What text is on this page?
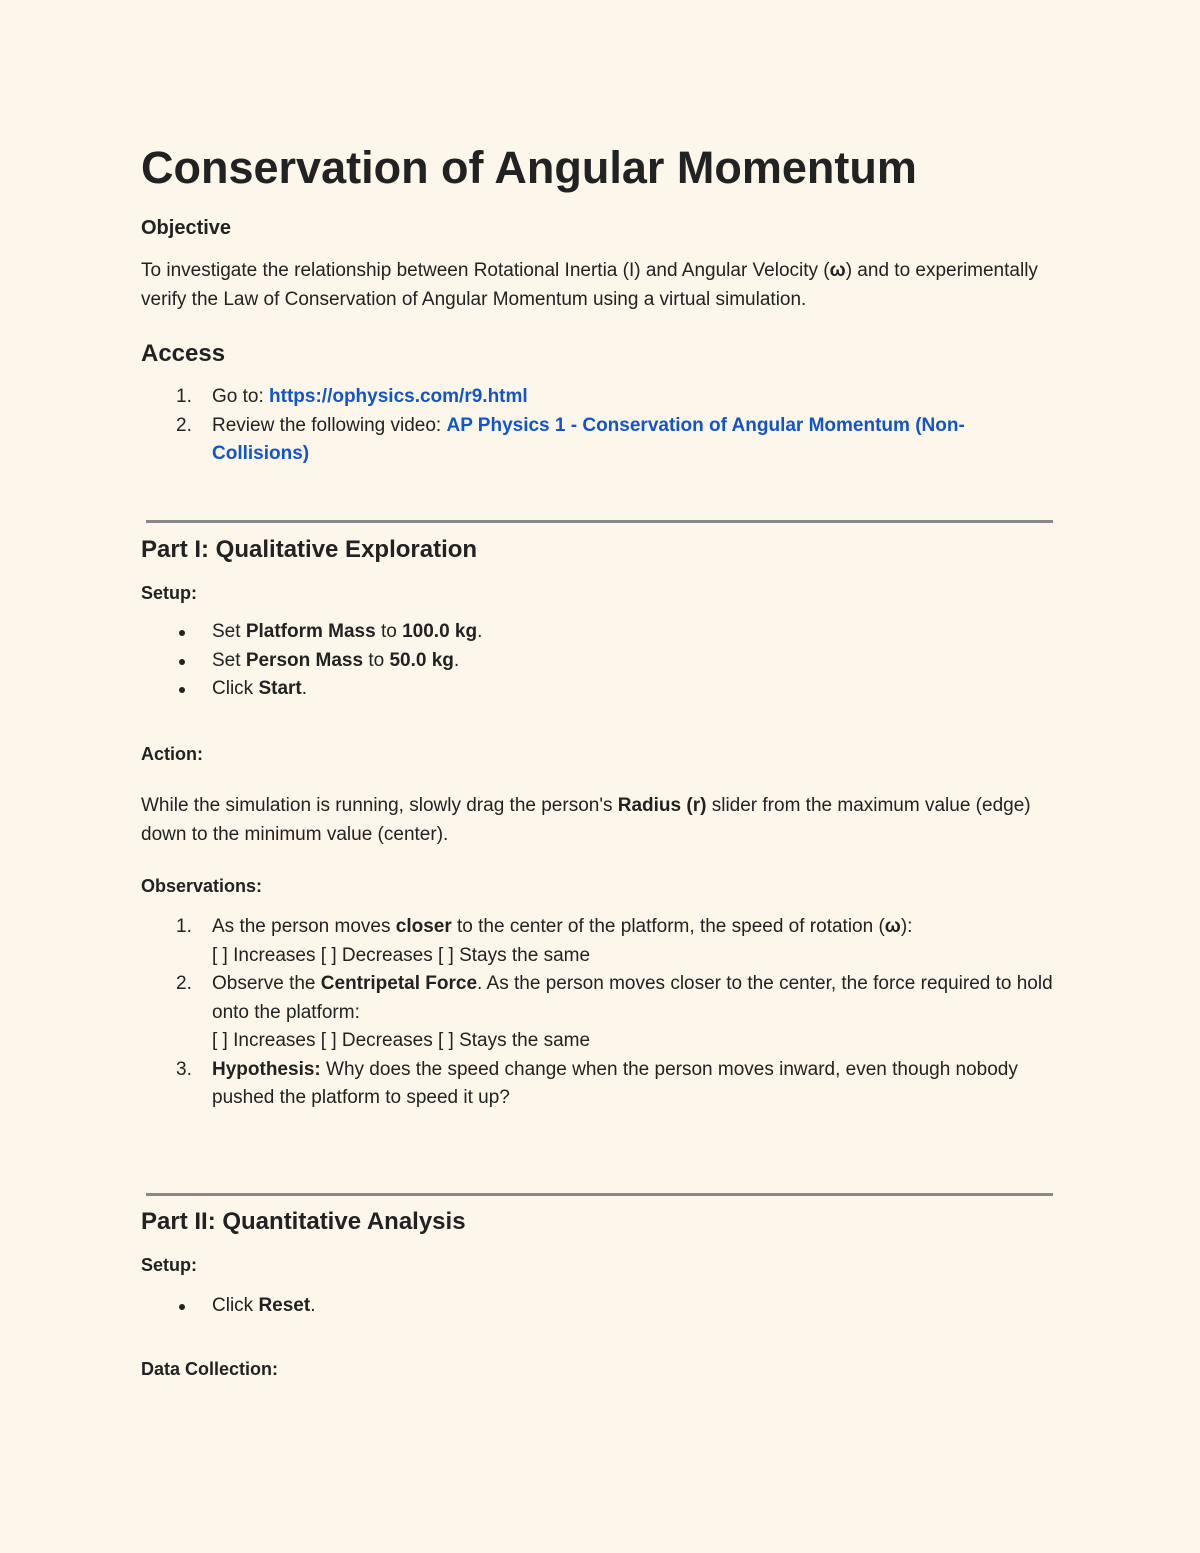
Conservation of Angular Momentum
Objective

To investigate the relationship between Rotational Inertia (I) and Angular Velocity (ω) and to experimentally verify the Law of Conservation of Angular Momentum using a virtual simulation.

Access
1. Go to: https://ophysics.com/r9.html
2. Review the following video: AP Physics 1 - Conservation of Angular Momentum (Non-Collisions)
Part I: Qualitative Exploration
Setup:
Set Platform Mass to 100.0 kg.
Set Person Mass to 50.0 kg.
Click Start.
Action:

While the simulation is running, slowly drag the person's Radius (r) slider from the maximum value (edge) down to the minimum value (center).

Observations:
1. As the person moves closer to the center of the platform, the speed of rotation (ω):
[ ] Increases [ ] Decreases [ ] Stays the same
2. Observe the Centripetal Force. As the person moves closer to the center, the force required to hold onto the platform:
[ ] Increases [ ] Decreases [ ] Stays the same
3. Hypothesis: Why does the speed change when the person moves inward, even though nobody pushed the platform to speed it up?
Part II: Quantitative Analysis
Setup:
Click Reset.
Data Collection:
